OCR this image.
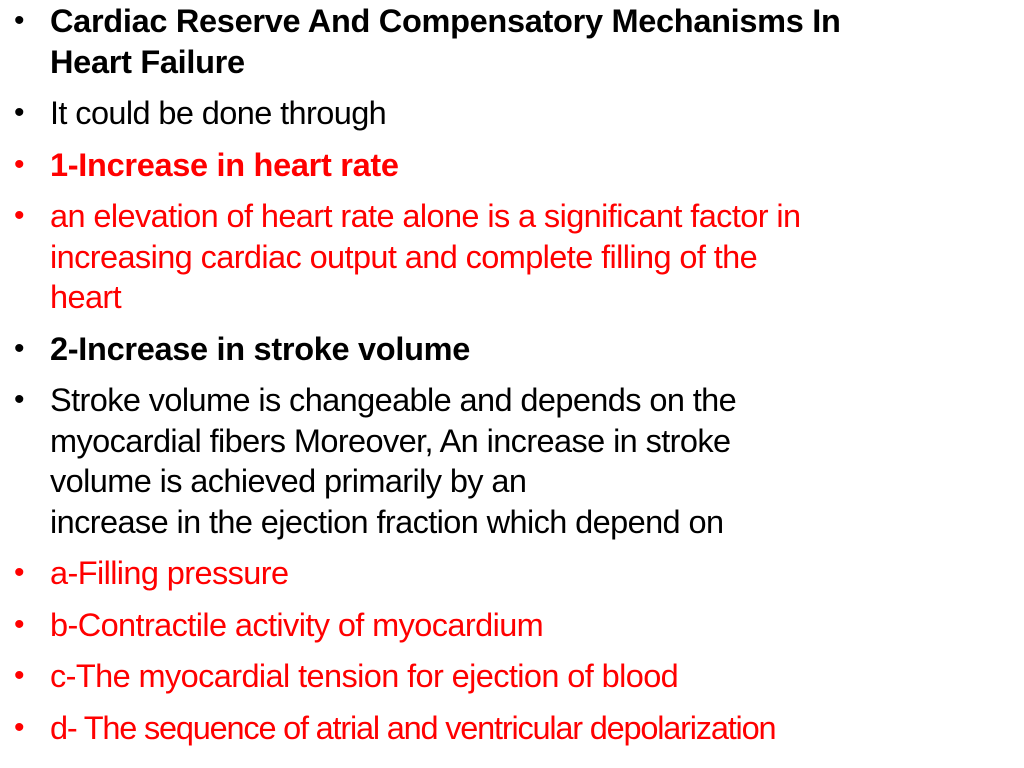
• Cardiac Reserve And Compensatory Mechanisms In
Heart Failure
• It could be done through
• 1-Increase in heart rate
• an elevation of heart rate alone is a significant factor in
increasing cardiac output and complete filling of the
heart
• 2-Increase in stroke volume
• Stroke volume is changeable and depends on the
myocardial fibers Moreover, An increase in stroke
volume is achieved primarily by an
increase in the ejection fraction which depend on
• a-Filling pressure
• b-Contractile activity of myocardium
• c-The myocardial tension for ejection of blood
• d- The sequence of atrial and ventricular depolarization
